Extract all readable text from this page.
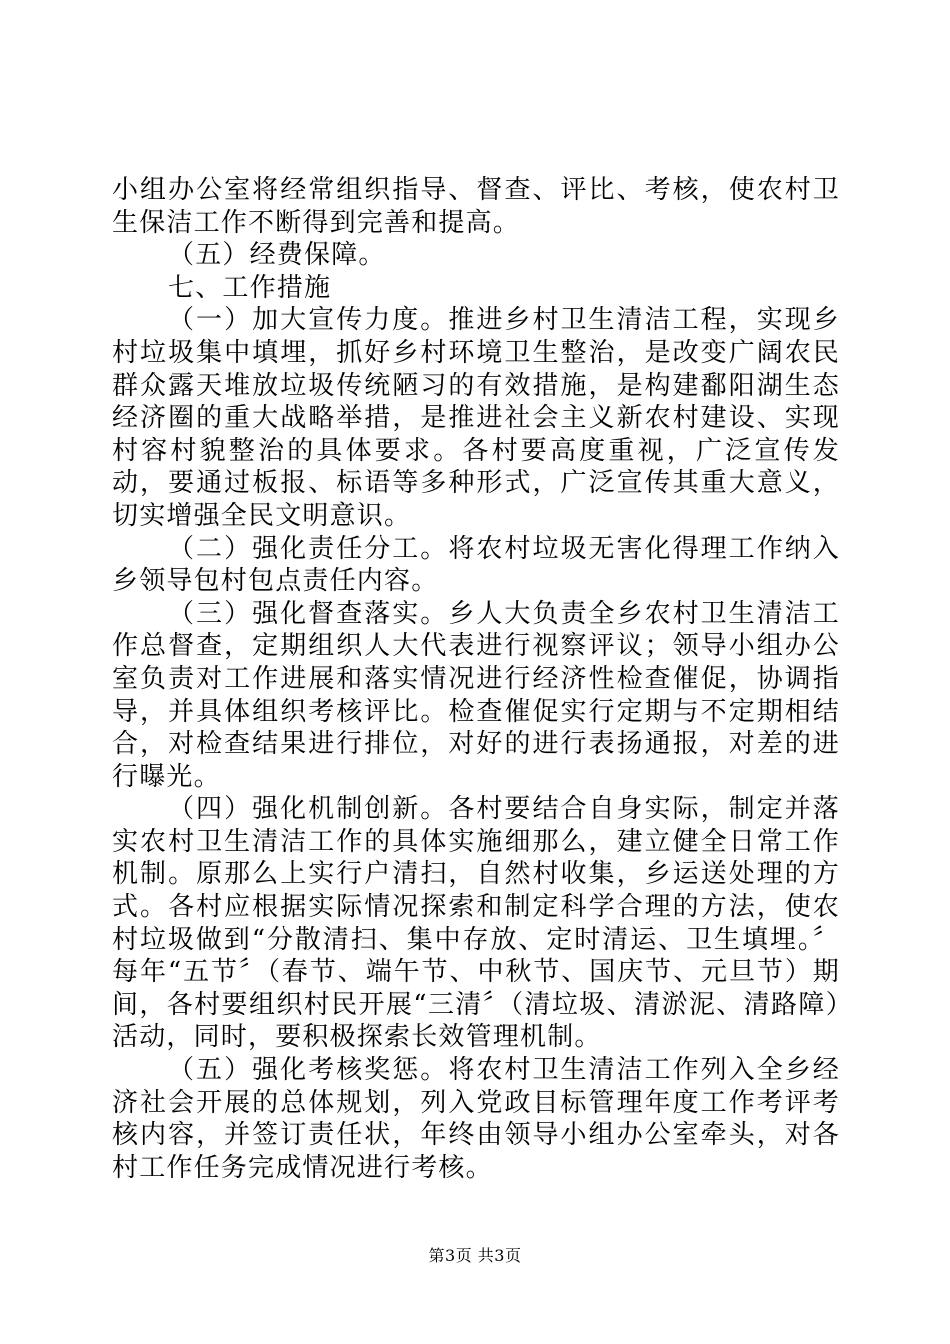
小组办公室将经常组织指导、督查、评比、考核，使农村卫生保洁工作不断得到完善和提高。

（五）经费保障。

七、工作措施

（一）加大宣传力度。推进乡村卫生清洁工程，实现乡村垃圾集中填埋，抓好乡村环境卫生整治，是改变广阔农民群众露天堆放垃圾传统陋习的有效措施，是构建鄱阳湖生态经济圈的重大战略举措，是推进社会主义新农村建设、实现村容村貌整治的具体要求。各村要高度重视，广泛宣传发动，要通过板报、标语等多种形式，广泛宣传其重大意义，切实增强全民文明意识。

（二）强化责任分工。将农村垃圾无害化得理工作纳入乡领导包村包点责任内容。

（三）强化督查落实。乡人大负责全乡农村卫生清洁工作总督查，定期组织人大代表进行视察评议；领导小组办公室负责对工作进展和落实情况进行经济性检查催促，协调指导，并具体组织考核评比。检查催促实行定期与不定期相结合，对检查结果进行排位，对好的进行表扬通报，对差的进行曝光。

（四）强化机制创新。各村要结合自身实际，制定并落实农村卫生清洁工作的具体实施细那么，建立健全日常工作机制。原那么上实行户清扫，自然村收集，乡运送处理的方式。各村应根据实际情况探索和制定科学合理的方法，使农村垃圾做到“分散清扫、集中存放、定时清运、卫生填埋。〞每年“五节〞（春节、端午节、中秋节、国庆节、元旦节）期间，各村要组织村民开展“三清〞（清垃圾、清淤泥、清路障）活动，同时，要积极探索长效管理机制。

（五）强化考核奖惩。将农村卫生清洁工作列入全乡经济社会开展的总体规划，列入党政目标管理年度工作考评考核内容，并签订责任状，年终由领导小组办公室牵头，对各村工作任务完成情况进行考核。

第3页 共3页
